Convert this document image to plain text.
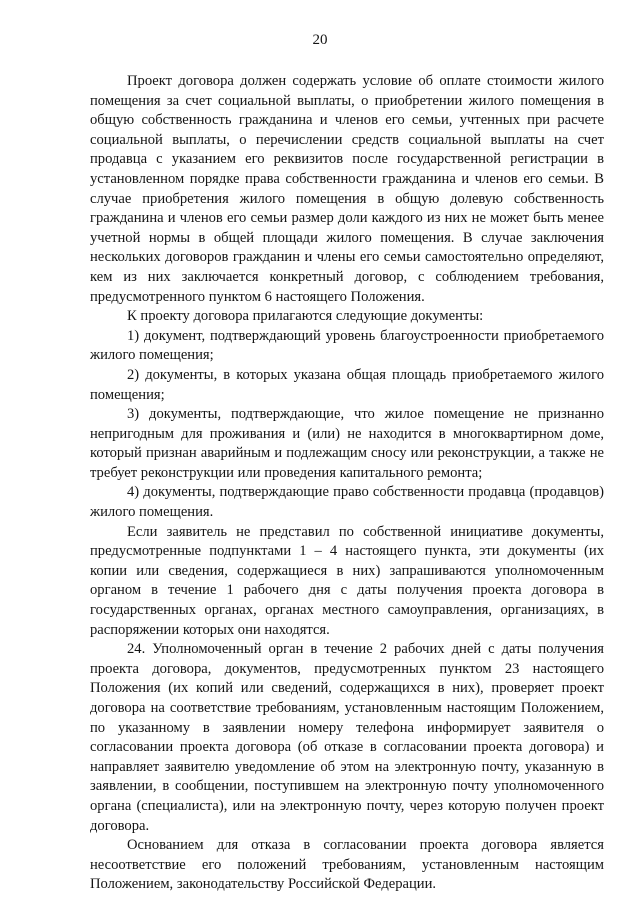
20

Проект договора должен содержать условие об оплате стоимости жилого помещения за счет социальной выплаты, о приобретении жилого помещения в общую собственность гражданина и членов его семьи, учтенных при расчете социальной выплаты, о перечислении средств социальной выплаты на счет продавца с указанием его реквизитов после государственной регистрации в установленном порядке права собственности гражданина и членов его семьи. В случае приобретения жилого помещения в общую долевую собственность гражданина и членов его семьи размер доли каждого из них не может быть менее учетной нормы в общей площади жилого помещения. В случае заключения нескольких договоров гражданин и члены его семьи самостоятельно определяют, кем из них заключается конкретный договор, с соблюдением требования, предусмотренного пунктом 6 настоящего Положения.

К проекту договора прилагаются следующие документы:

1) документ, подтверждающий уровень благоустроенности приобретаемого жилого помещения;

2) документы, в которых указана общая площадь приобретаемого жилого помещения;

3) документы, подтверждающие, что жилое помещение не признанно непригодным для проживания и (или) не находится в многоквартирном доме, который признан аварийным и подлежащим сносу или реконструкции, а также не требует реконструкции или проведения капитального ремонта;

4) документы, подтверждающие право собственности продавца (продавцов) жилого помещения.

Если заявитель не представил по собственной инициативе документы, предусмотренные подпунктами 1 – 4 настоящего пункта, эти документы (их копии или сведения, содержащиеся в них) запрашиваются уполномоченным органом в течение 1 рабочего дня с даты получения проекта договора в государственных органах, органах местного самоуправления, организациях, в распоряжении которых они находятся.

24. Уполномоченный орган в течение 2 рабочих дней с даты получения проекта договора, документов, предусмотренных пунктом 23 настоящего Положения (их копий или сведений, содержащихся в них), проверяет проект договора на соответствие требованиям, установленным настоящим Положением, по указанному в заявлении номеру телефона информирует заявителя о согласовании проекта договора (об отказе в согласовании проекта договора) и направляет заявителю уведомление об этом на электронную почту, указанную в заявлении, в сообщении, поступившем на электронную почту уполномоченного органа (специалиста), или на электронную почту, через которую получен проект договора.

Основанием для отказа в согласовании проекта договора является несоответствие его положений требованиям, установленным настоящим Положением, законодательству Российской Федерации.
